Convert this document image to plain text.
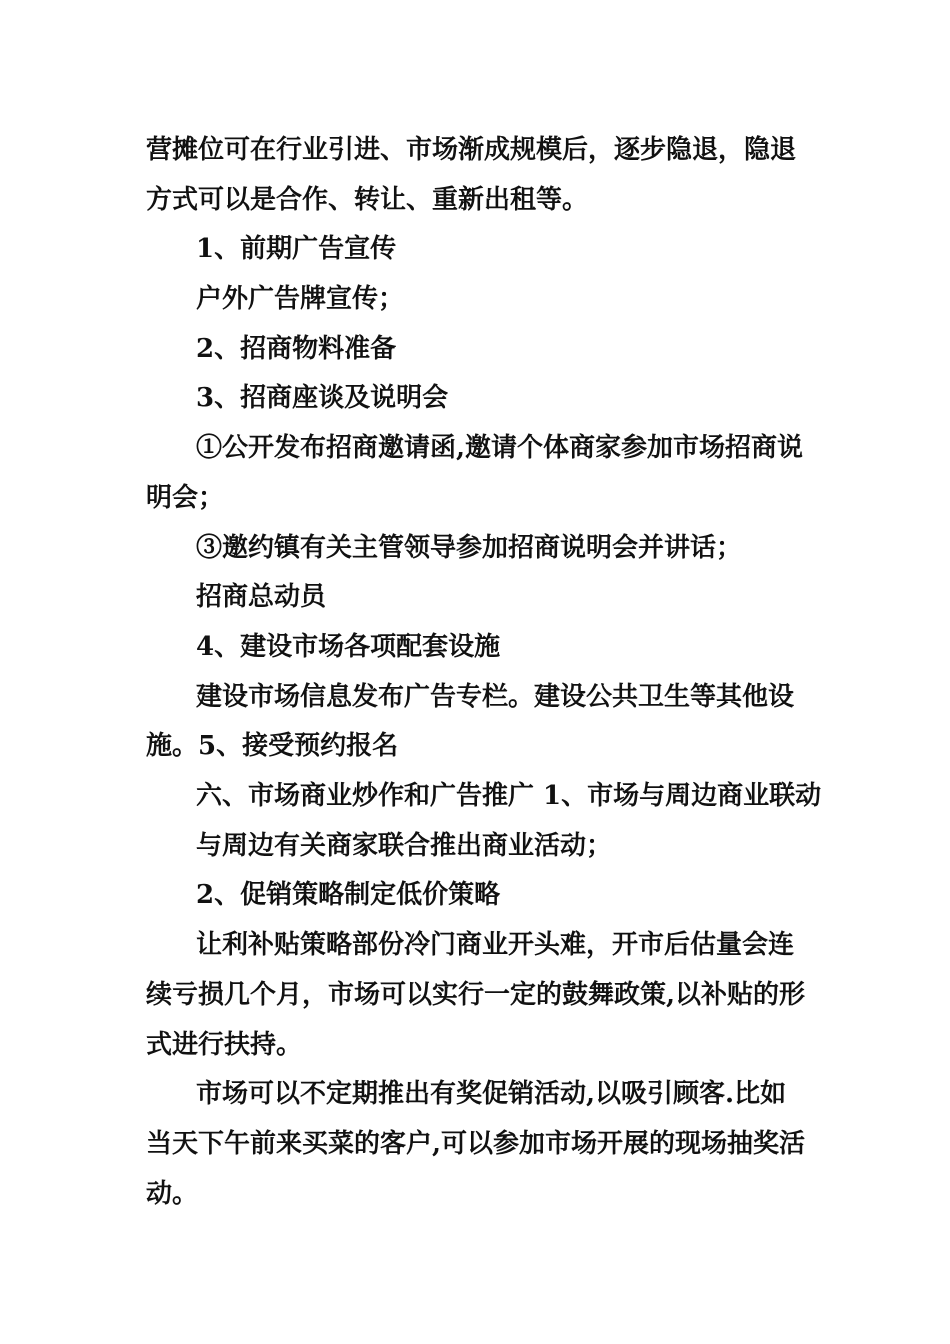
营摊位可在行业引进、市场渐成规模后，逐步隐退，隐退
方式可以是合作、转让、重新出租等。
1、前期广告宣传
户外广告牌宣传；
2、招商物料准备
3、招商座谈及说明会
①公开发布招商邀请函,邀请个体商家参加市场招商说
明会；
③邀约镇有关主管领导参加招商说明会并讲话；
招商总动员
4、建设市场各项配套设施
建设市场信息发布广告专栏。建设公共卫生等其他设
施。5、接受预约报名
六、市场商业炒作和广告推广 1、市场与周边商业联动
与周边有关商家联合推出商业活动；
2、促销策略制定低价策略
让利补贴策略部份冷门商业开头难，开市后估量会连
续亏损几个月，市场可以实行一定的鼓舞政策,以补贴的形
式进行扶持。
市场可以不定期推出有奖促销活动,以吸引顾客.比如
当天下午前来买菜的客户,可以参加市场开展的现场抽奖活
动。
